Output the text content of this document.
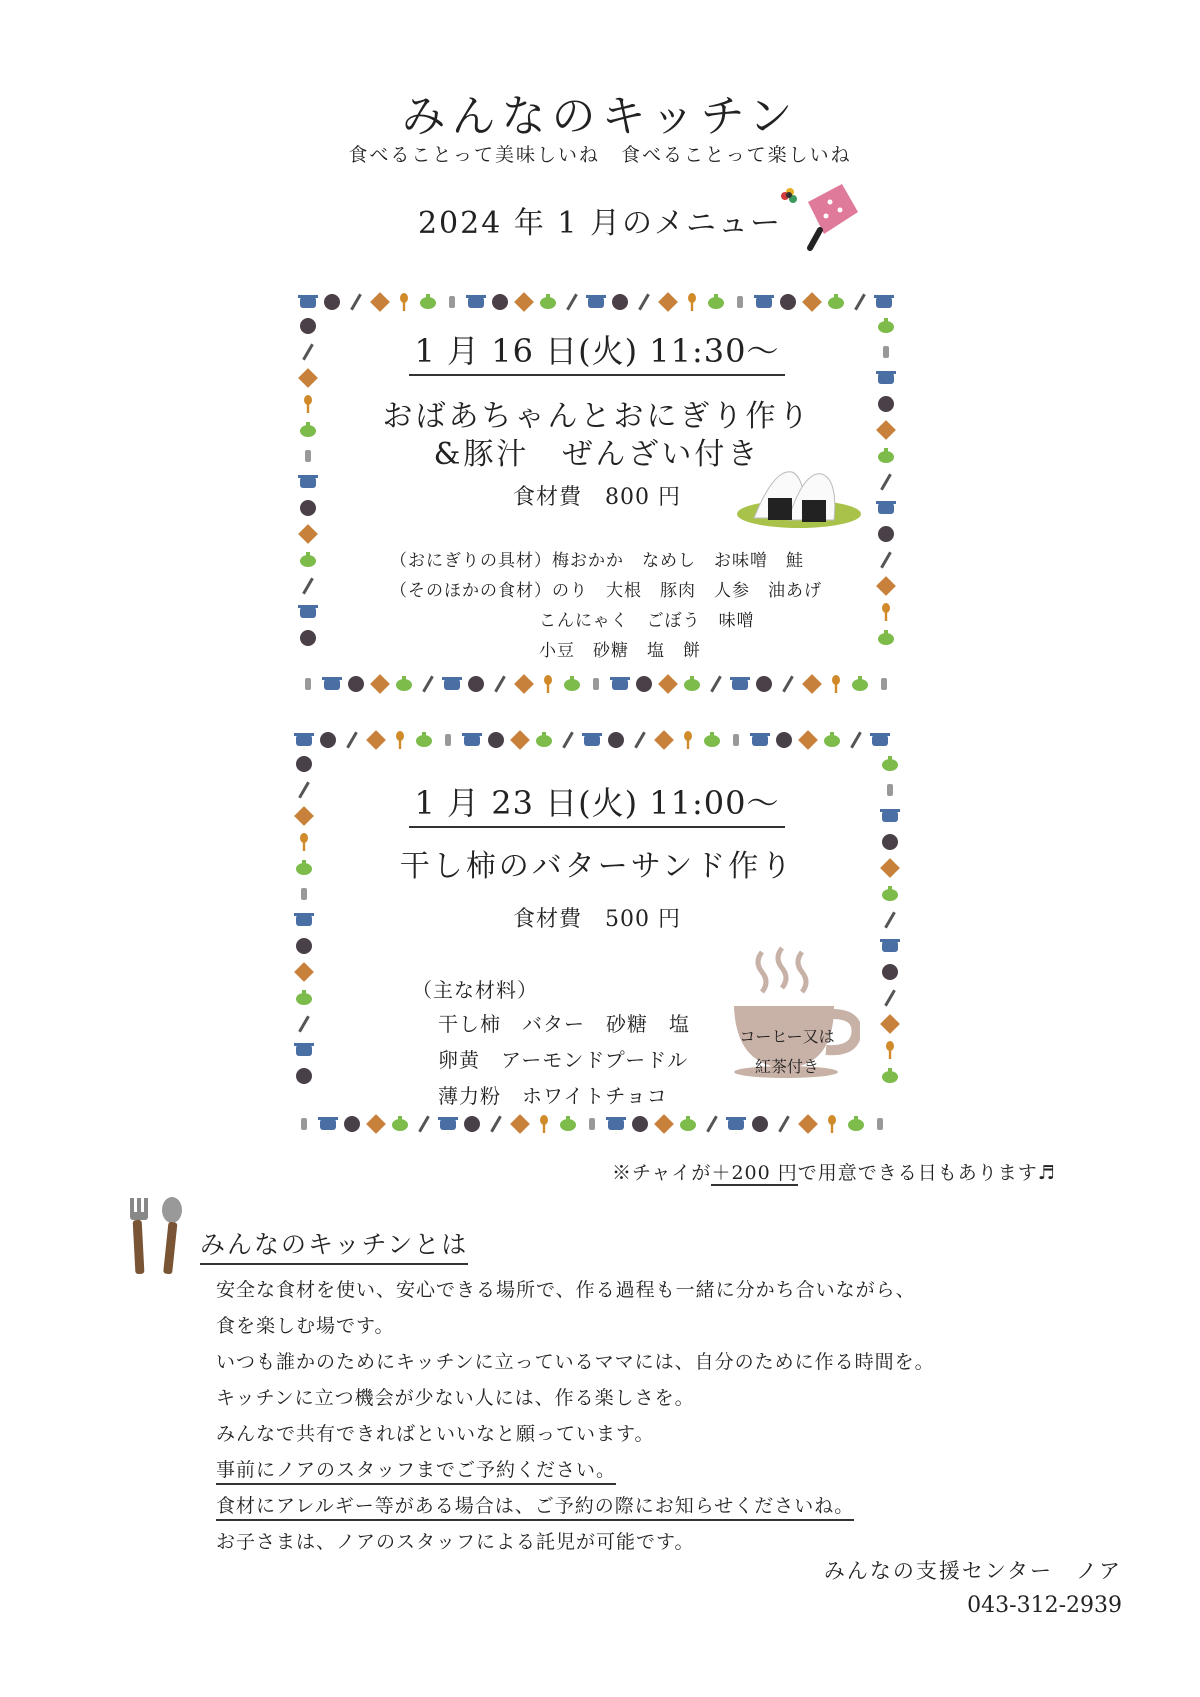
みんなのキッチン
食べることって美味しいね　食べることって楽しいね
2024 年 1 月のメニュー
1 月 16 日(火) 11:30～
おばあちゃんとおにぎり作り
&豚汁　ぜんざい付き
食材費　800 円
（おにぎりの具材）梅おかか　なめし　お味噌　鮭
（そのほかの食材）のり　大根　豚肉　人参　油あげ
こんにゃく　ごぼう　味噌
小豆　砂糖　塩　餅
1 月 23 日(火) 11:00～
干し柿のバターサンド作り
食材費　500 円
（主な材料）
干し柿　バター　砂糖　塩
卵黄　アーモンドプードル
薄力粉　ホワイトチョコ
コーヒー又は
紅茶付き
※チャイが＋200 円で用意できる日もあります♬
みんなのキッチンとは
安全な食材を使い、安心できる場所で、作る過程も一緒に分かち合いながら、
食を楽しむ場です。
いつも誰かのためにキッチンに立っているママには、自分のために作る時間を。
キッチンに立つ機会が少ない人には、作る楽しさを。
みんなで共有できればといいなと願っています。
事前にノアのスタッフまでご予約ください。
食材にアレルギー等がある場合は、ご予約の際にお知らせくださいね。
お子さまは、ノアのスタッフによる託児が可能です。
みんなの支援センター　ノア
043-312-2939
